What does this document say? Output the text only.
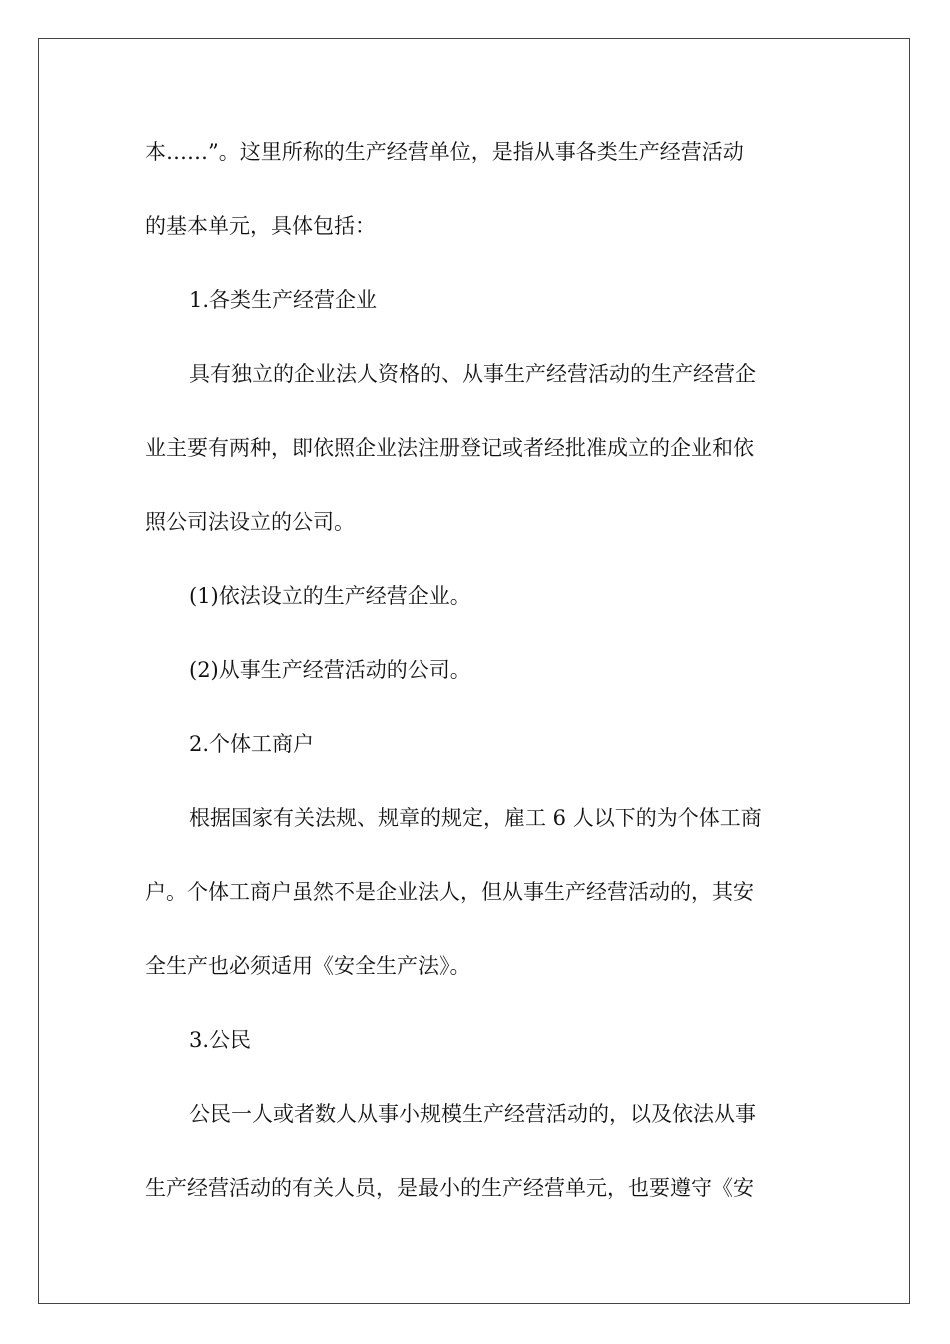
本……”。这里所称的生产经营单位，是指从事各类生产经营活动
的基本单元，具体包括：
1.各类生产经营企业
具有独立的企业法人资格的、从事生产经营活动的生产经营企
业主要有两种，即依照企业法注册登记或者经批准成立的企业和依
照公司法设立的公司。
(1)依法设立的生产经营企业。
(2)从事生产经营活动的公司。
2.个体工商户
根据国家有关法规、规章的规定，雇工 6 人以下的为个体工商
户。个体工商户虽然不是企业法人，但从事生产经营活动的，其安
全生产也必须适用《安全生产法》。
3.公民
公民一人或者数人从事小规模生产经营活动的，以及依法从事
生产经营活动的有关人员，是最小的生产经营单元，也要遵守《安
